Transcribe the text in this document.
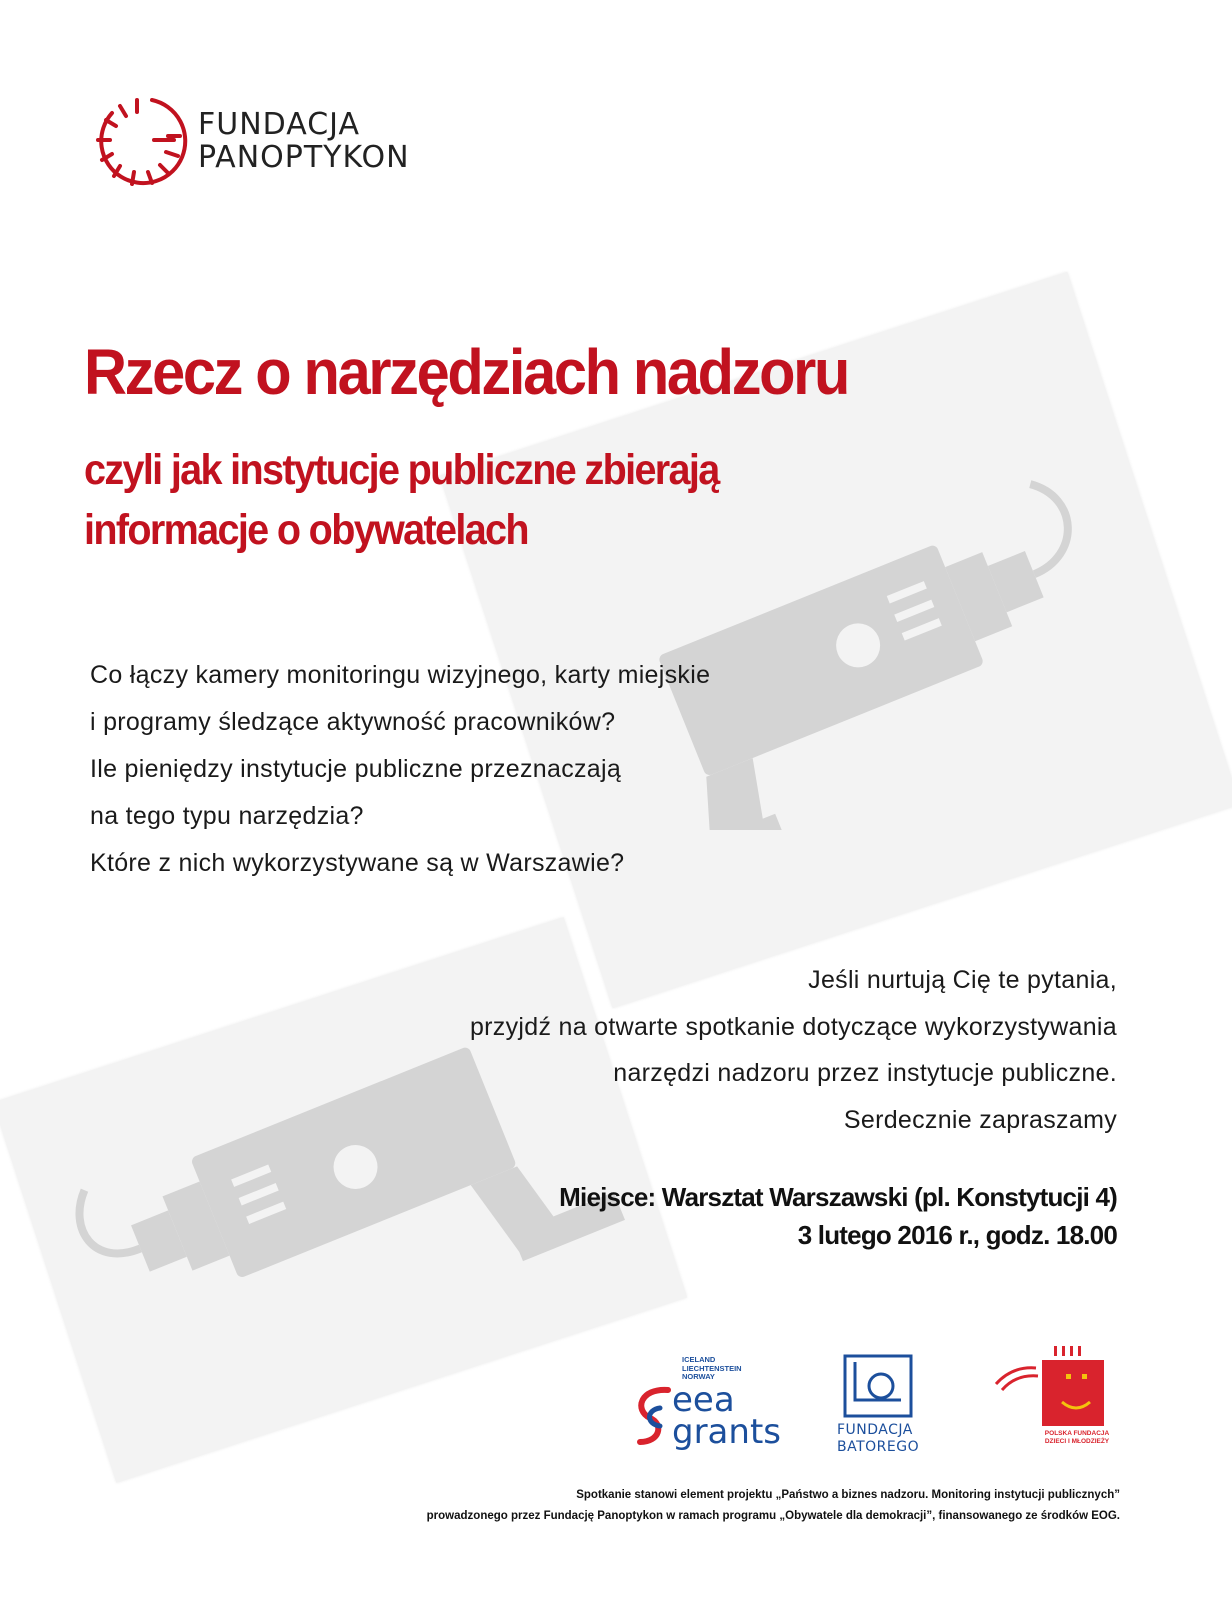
FUNDACJA
PANOPTYKON
Rzecz o narzędziach nadzoru
czyli jak instytucje publiczne zbierają
informacje o obywatelach
Co łączy kamery monitoringu wizyjnego, karty miejskie
i programy śledzące aktywność pracowników?
Ile pieniędzy instytucje publiczne przeznaczają
na tego typu narzędzia?
Które z nich wykorzystywane są w Warszawie?
Jeśli nurtują Cię te pytania,
przyjdź na otwarte spotkanie dotyczące wykorzystywania
narzędzi nadzoru przez instytucje publiczne.
Serdecznie zapraszamy
Miejsce: Warsztat Warszawski (pl. Konstytucji 4)
3 lutego 2016 r., godz. 18.00
ICELAND
LIECHTENSTEIN
NORWAY
eea
grants	FUNDACJA
BATOREGO
POLSKA FUNDACJA
DZIECI I MŁODZIEŻY
Spotkanie stanowi element projektu „Państwo a biznes nadzoru. Monitoring instytucji publicznych”
prowadzonego przez Fundację Panoptykon w ramach programu „Obywatele dla demokracji”, finansowanego ze środków EOG.
